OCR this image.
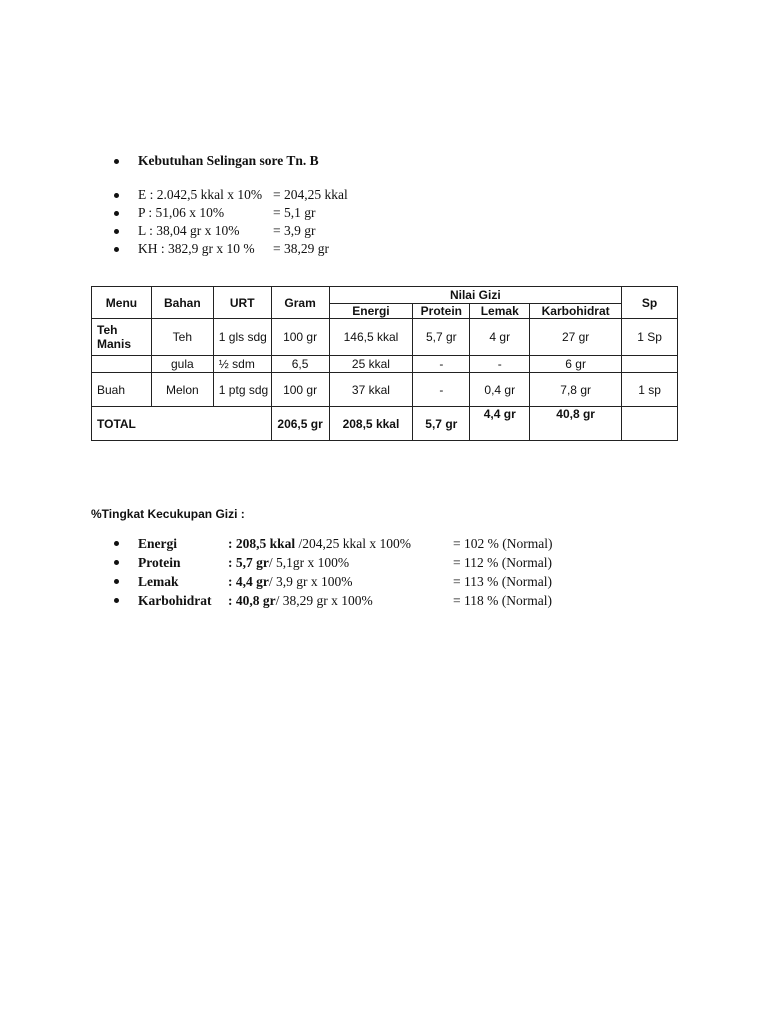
Kebutuhan Selingan sore Tn. B
E : 2.042,5 kkal x 10% = 204,25 kkal
P : 51,06 x 10%	= 5,1 gr
L : 38,04 gr x 10% = 3,9 gr
KH : 382,9 gr x 10 % = 38,29 gr
Menu	Bahan	URT	Gram	Nilai Gizi				Sp
				Energi	Protein	Lemak	Karbohidrat	
Teh Manis	Teh	1 gls sdg	100 gr	146,5 kkal	5,7 gr	4 gr	27 gr	1 Sp
	gula	½ sdm	6,5	25 kkal	-	-	6 gr	
Buah	Melon	1 ptg sdg	100 gr	37 kkal	-	0,4 gr	7,8 gr	1 sp
TOTAL			206,5 gr	208,5 kkal	5,7 gr	4,4 gr	40,8 gr	
%Tingkat Kecukupan Gizi :
Energi	: 208,5 kkal /204,25 kkal x 100%	= 102 % (Normal)
Protein	: 5,7 gr/ 5,1gr x 100%	= 112 % (Normal)
Lemak	: 4,4 gr/ 3,9 gr x 100%	= 113 % (Normal)
Karbohidrat : 40,8 gr/ 38,29 gr x 100%	= 118 % (Normal)
